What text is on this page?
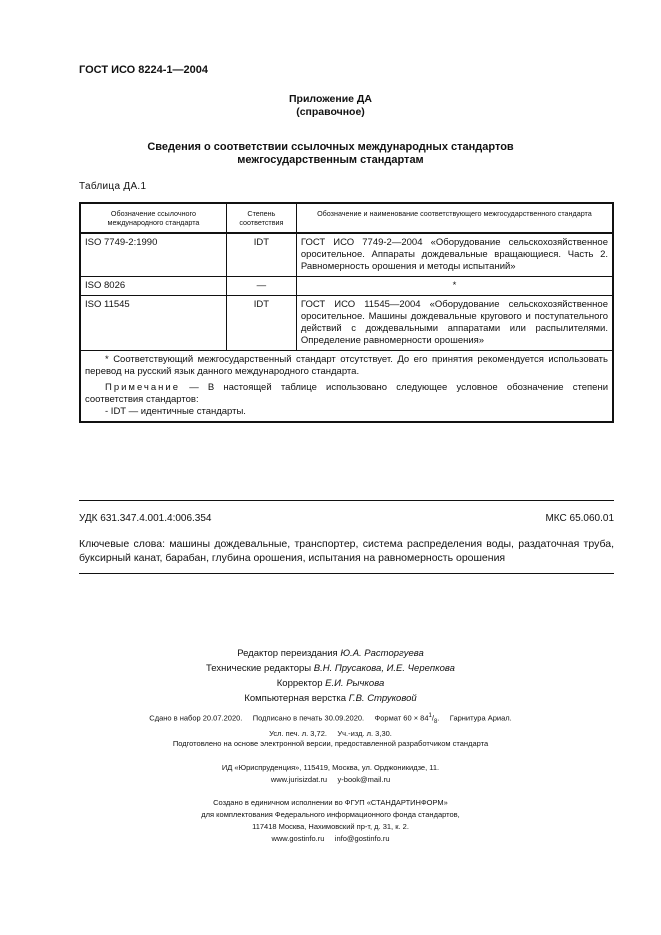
ГОСТ ИСО 8224-1—2004
Приложение ДА
(справочное)
Сведения о соответствии ссылочных международных стандартов
межгосударственным стандартам
Таблица ДА.1
Обозначение ссылочного международного стандарта	Степень соответствия	Обозначение и наименование соответствующего межгосударственного стандарта
ISO 7749-2:1990	IDT	ГОСТ ИСО 7749-2—2004 «Оборудование сельскохозяйственное оросительное. Аппараты дождевальные вращающиеся. Часть 2. Равномерность орошения и методы испытаний»
ISO 8026	—	*
ISO 11545	IDT	ГОСТ ИСО 11545—2004 «Оборудование сельскохозяйственное оросительное. Машины дождевальные кругового и поступательного действий с дождевальными аппаратами или распылителями. Определение равномерности орошения»

* Соответствующий межгосударственный стандарт отсутствует. До его принятия рекомендуется использовать перевод на русский язык данного международного стандарта.
Примечание — В настоящей таблице использовано следующее условное обозначение степени соответствия стандартов:
- IDT — идентичные стандарты.		
УДК 631.347.4.001.4:006.354	МКС 65.060.01
Ключевые слова: машины дождевальные, транспортер, система распределения воды, раздаточная труба, буксирный канат, барабан, глубина орошения, испытания на равномерность орошения
Редактор переиздания Ю.А. Расторгуева
Технические редакторы В.Н. Прусакова, И.Е. Черепкова
Корректор Е.И. Рычкова
Компьютерная верстка Г.В. Струковой
Сдано в набор 20.07.2020.     Подписано в печать 30.09.2020.     Формат $60 \times 84^1/_8$.     Гарнитура Ариал.
Усл. печ. л. 3,72.     Уч.-изд. л. 3,30.
Подготовлено на основе электронной версии, предоставленной разработчиком стандарта
ИД «Юриспруденция», 115419, Москва, ул. Орджоникидзе, 11.
www.jurisizdat.ru     y-book@mail.ru
Создано в единичном исполнении во ФГУП «СТАНДАРТИНФОРМ»
для комплектования Федерального информационного фонда стандартов,
117418 Москва, Нахимовский пр-т, д. 31, к. 2.
www.gostinfo.ru     info@gostinfo.ru
